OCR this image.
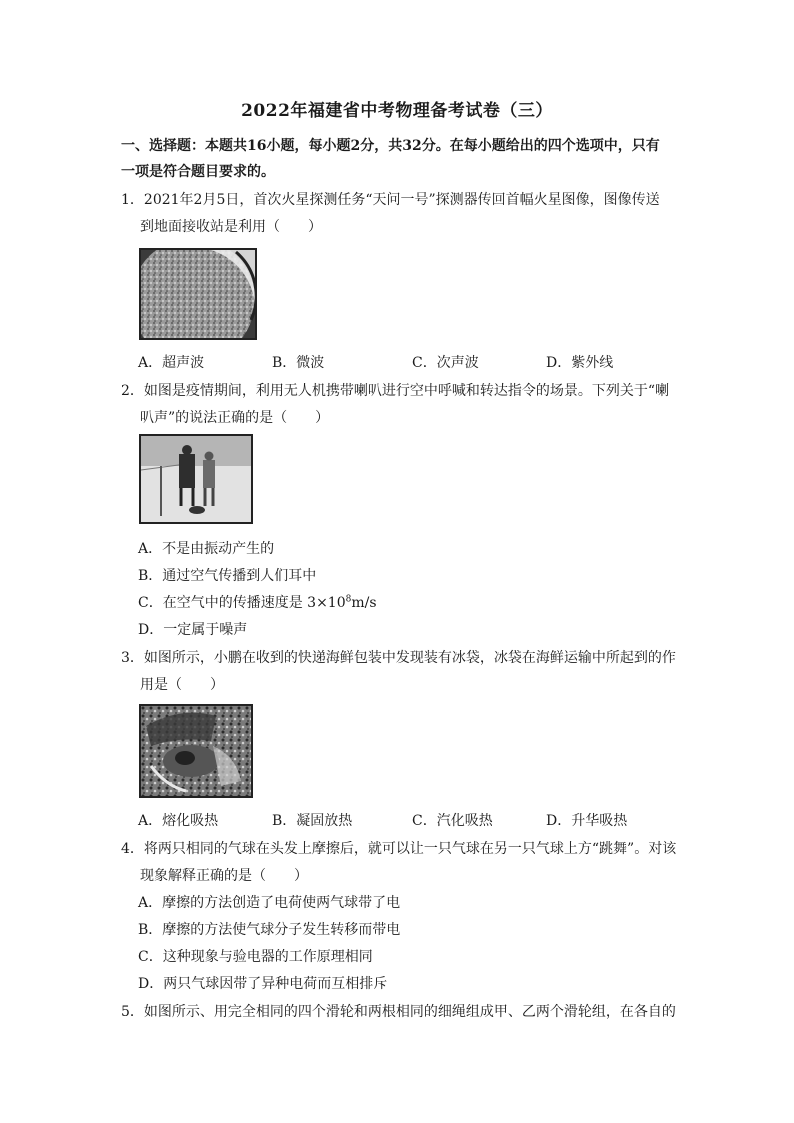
2022年福建省中考物理备考试卷（三）
一、选择题：本题共16小题，每小题2分，共32分。在每小题给出的四个选项中，只有
一项是符合题目要求的。
1．2021年2月5日，首次火星探测任务“天问一号”探测器传回首幅火星图像，图像传送
到地面接收站是利用（　　）
A．超声波	B．微波	C．次声波	D．紫外线
2．如图是疫情期间，利用无人机携带喇叭进行空中呼喊和转达指令的场景。下列关于“喇
叭声”的说法正确的是（　　）
A．不是由振动产生的
B．通过空气传播到人们耳中
C．在空气中的传播速度是 $3\times 10^8m/s$
D．一定属于噪声
3．如图所示，小鹏在收到的快递海鲜包装中发现装有冰袋，冰袋在海鲜运输中所起到的作
用是（　　）
A．熔化吸热	B．凝固放热	C．汽化吸热	D．升华吸热
4．将两只相同的气球在头发上摩擦后，就可以让一只气球在另一只气球上方“跳舞”。对该
现象解释正确的是（　　）
A．摩擦的方法创造了电荷使两气球带了电
B．摩擦的方法使气球分子发生转移而带电
C．这种现象与验电器的工作原理相同
D．两只气球因带了异种电荷而互相排斥
5．如图所示、用完全相同的四个滑轮和两根相同的细绳组成甲、乙两个滑轮组，在各自的
